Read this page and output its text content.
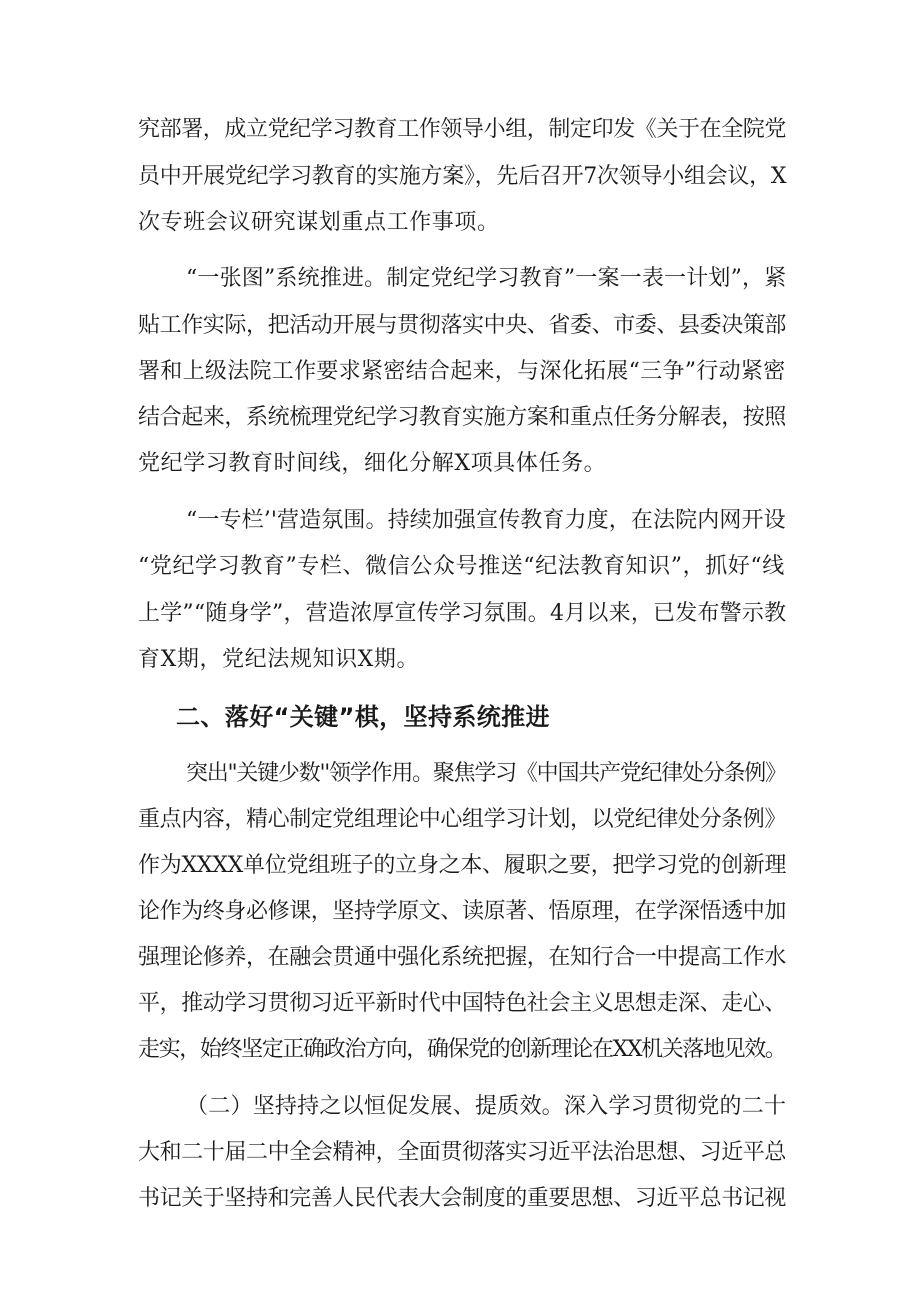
究部署，成立党纪学习教育工作领导小组，制定印发《关于在全院党
员中开展党纪学习教育的实施方案》，先后召开7次领导小组会议，X
次专班会议研究谋划重点工作事项。
“一张图”系统推进。制定党纪学习教育”一案一表一计划”，紧
贴工作实际，把活动开展与贯彻落实中央、省委、市委、县委决策部
署和上级法院工作要求紧密结合起来，与深化拓展“三争”行动紧密
结合起来，系统梳理党纪学习教育实施方案和重点任务分解表，按照
党纪学习教育时间线，细化分解X项具体任务。
“一专栏’'营造氛围。持续加强宣传教育力度，在法院内网开设
“党纪学习教育”专栏、微信公众号推送“纪法教育知识”，抓好“线
上学”“随身学”，营造浓厚宣传学习氛围。4月以来，已发布警示教
育X期，党纪法规知识X期。
二、落好“关键”棋，坚持系统推进
突出"关键少数''领学作用。聚焦学习《中国共产党纪律处分条例》
重点内容，精心制定党组理论中心组学习计划，以党纪律处分条例》
作为XXXX单位党组班子的立身之本、履职之要，把学习党的创新理
论作为终身必修课，坚持学原文、读原著、悟原理，在学深悟透中加
强理论修养，在融会贯通中强化系统把握，在知行合一中提高工作水
平，推动学习贯彻习近平新时代中国特色社会主义思想走深、走心、
走实，始终坚定正确政治方向，确保党的创新理论在XX机关落地见效。
（二）坚持持之以恒促发展、提质效。深入学习贯彻党的二十
大和二十届二中全会精神，全面贯彻落实习近平法治思想、习近平总
书记关于坚持和完善人民代表大会制度的重要思想、习近平总书记视
